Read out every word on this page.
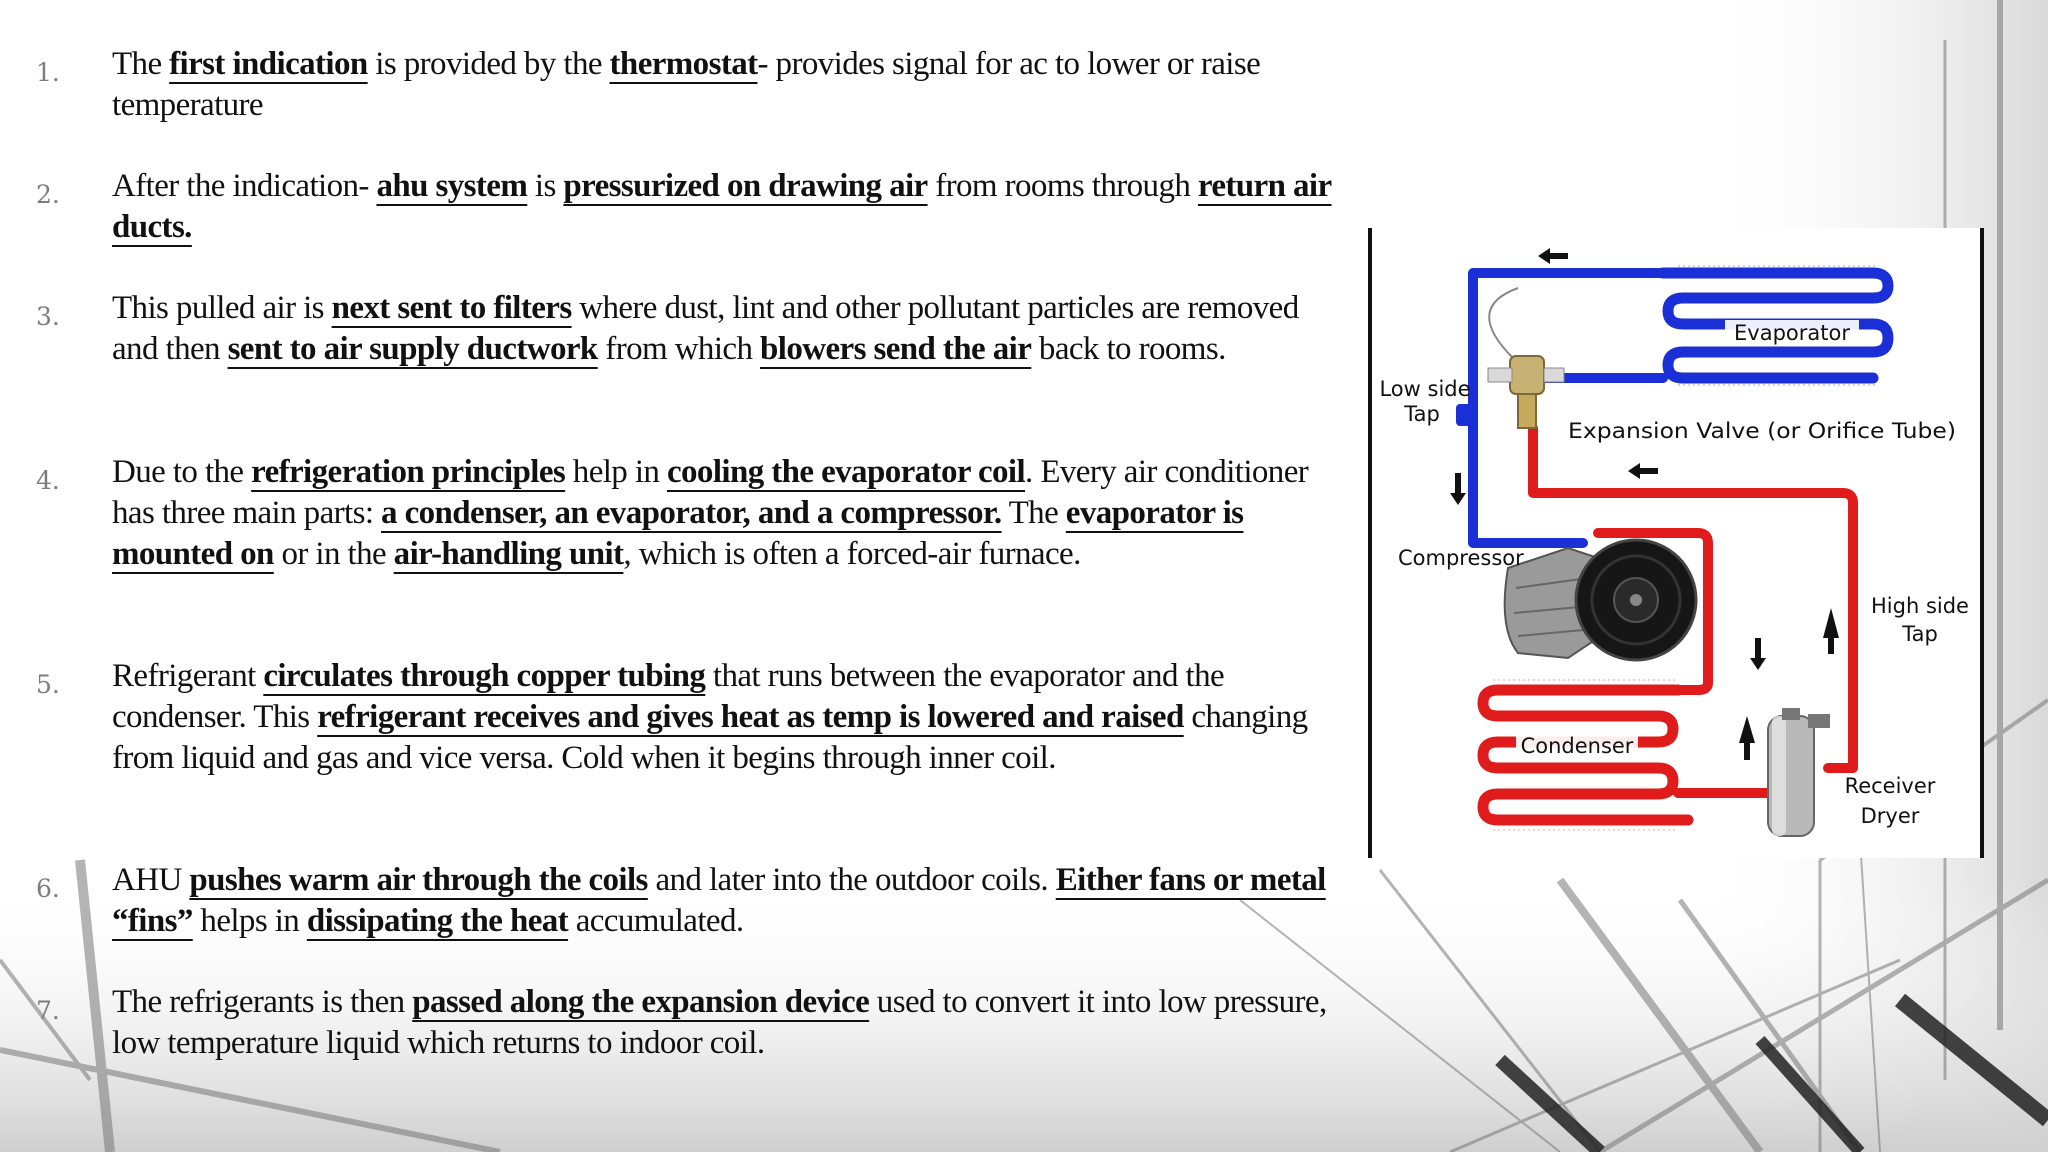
1. The first indication is provided by the thermostat- provides signal for ac to lower or raise temperature
2. After the indication- ahu system is pressurized on drawing air from rooms through return air ducts.
3. This pulled air is next sent to filters where dust, lint and other pollutant particles are removed and then sent to air supply ductwork from which blowers send the air back to rooms.
4. Due to the refrigeration principles help in cooling the evaporator coil. Every air conditioner has three main parts: a condenser, an evaporator, and a compressor. The evaporator is mounted on or in the air-handling unit, which is often a forced-air furnace.
5. Refrigerant circulates through copper tubing that runs between the evaporator and the condenser. This refrigerant receives and gives heat as temp is lowered and raised changing from liquid and gas and vice versa. Cold when it begins through inner coil.
6. AHU pushes warm air through the coils and later into the outdoor coils. Either fans or metal “fins” helps in dissipating the heat accumulated.
7. The refrigerants is then passed along the expansion device used to convert it into low pressure, low temperature liquid which returns to indoor coil.
Evaporator
Low side
Tap
Expansion Valve (or Orifice Tube)
Compressor
High side
Tap
Condenser
Receiver
Dryer
